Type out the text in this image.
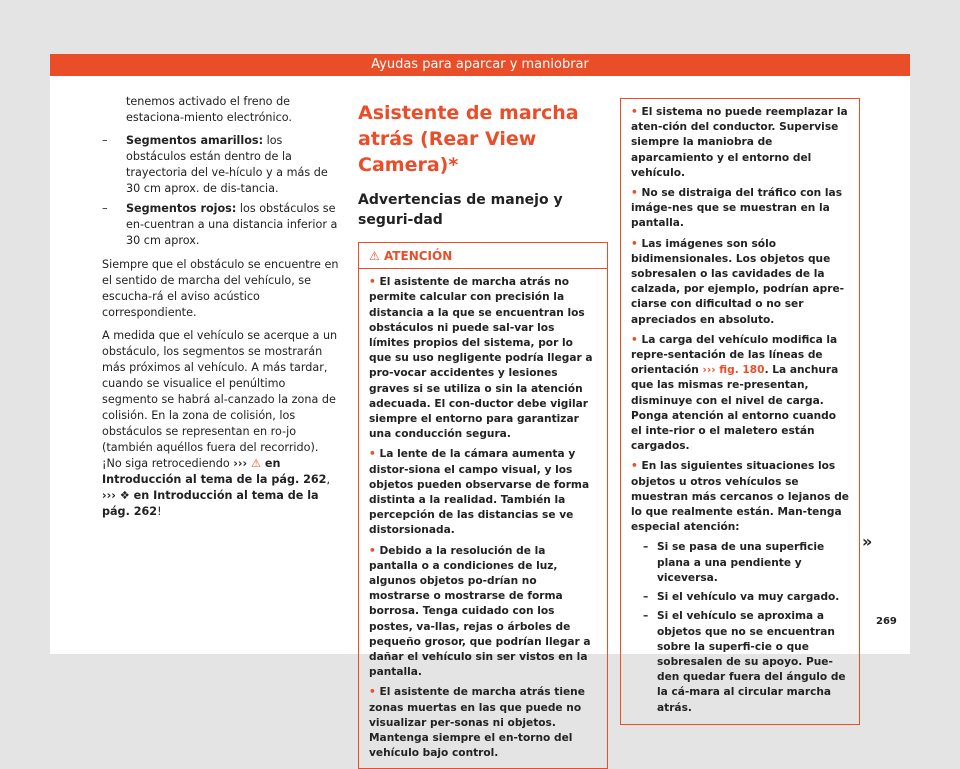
Ayudas para aparcar y maniobrar

tenemos activado el freno de estaciona-miento electrónico.

– Segmentos amarillos: los obstáculos están dentro de la trayectoria del ve-hículo y a más de 30 cm aprox. de dis-tancia.
– Segmentos rojos: los obstáculos se en-cuentran a una distancia inferior a 30 cm aprox.

Siempre que el obstáculo se encuentre en el sentido de marcha del vehículo, se escucha-rá el aviso acústico correspondiente.

A medida que el vehículo se acerque a un obstáculo, los segmentos se mostrarán más próximos al vehículo. A más tardar, cuando se visualice el penúltimo segmento se habrá al-canzado la zona de colisión. En la zona de colisión, los obstáculos se representan en ro-jo (también aquéllos fuera del recorrido). ¡No siga retrocediendo ››› ⚠ en Introducción al tema de la pág. 262, ››› ❖ en Introducción al tema de la pág. 262!

Asistente de marcha atrás (Rear View Camera)*
Advertencias de manejo y seguri-dad
⚠ ATENCIÓN
• El asistente de marcha atrás no permite calcular con precisión la distancia a la que se encuentran los obstáculos ni puede sal-var los límites propios del sistema, por lo que su uso negligente podría llegar a pro-vocar accidentes y lesiones graves si se utiliza o sin la atención adecuada. El con-ductor debe vigilar siempre el entorno para garantizar una conducción segura.
• La lente de la cámara aumenta y distor-siona el campo visual, y los objetos pueden observarse de forma distinta a la realidad. También la percepción de las distancias se ve distorsionada.
• Debido a la resolución de la pantalla o a condiciones de luz, algunos objetos po-drían no mostrarse o mostrarse de forma borrosa. Tenga cuidado con los postes, va-llas, rejas o árboles de pequeño grosor, que podrían llegar a dañar el vehículo sin ser vistos en la pantalla.
• El asistente de marcha atrás tiene zonas muertas en las que puede no visualizar per-sonas ni objetos. Mantenga siempre el en-torno del vehículo bajo control.
• El sistema no puede reemplazar la aten-ción del conductor. Supervise siempre la maniobra de aparcamiento y el entorno del vehículo.
• No se distraiga del tráfico con las imáge-nes que se muestran en la pantalla.
• Las imágenes son sólo bidimensionales. Los objetos que sobresalen o las cavidades de la calzada, por ejemplo, podrían apre-ciarse con dificultad o no ser apreciados en absoluto.
• La carga del vehículo modifica la repre-sentación de las líneas de orientación ››› fig. 180. La anchura que las mismas re-presentan, disminuye con el nivel de carga. Ponga atención al entorno cuando el inte-rior o el maletero están cargados.
• En las siguientes situaciones los objetos u otros vehículos se muestran más cercanos o lejanos de lo que realmente están. Man-tenga especial atención:
– Si se pasa de una superficie plana a una pendiente y viceversa.
– Si el vehículo va muy cargado.
– Si el vehículo se aproxima a objetos que no se encuentran sobre la superfi-cie o que sobresalen de su apoyo. Pue-den quedar fuera del ángulo de la cá-mara al circular marcha atrás.
»
269
